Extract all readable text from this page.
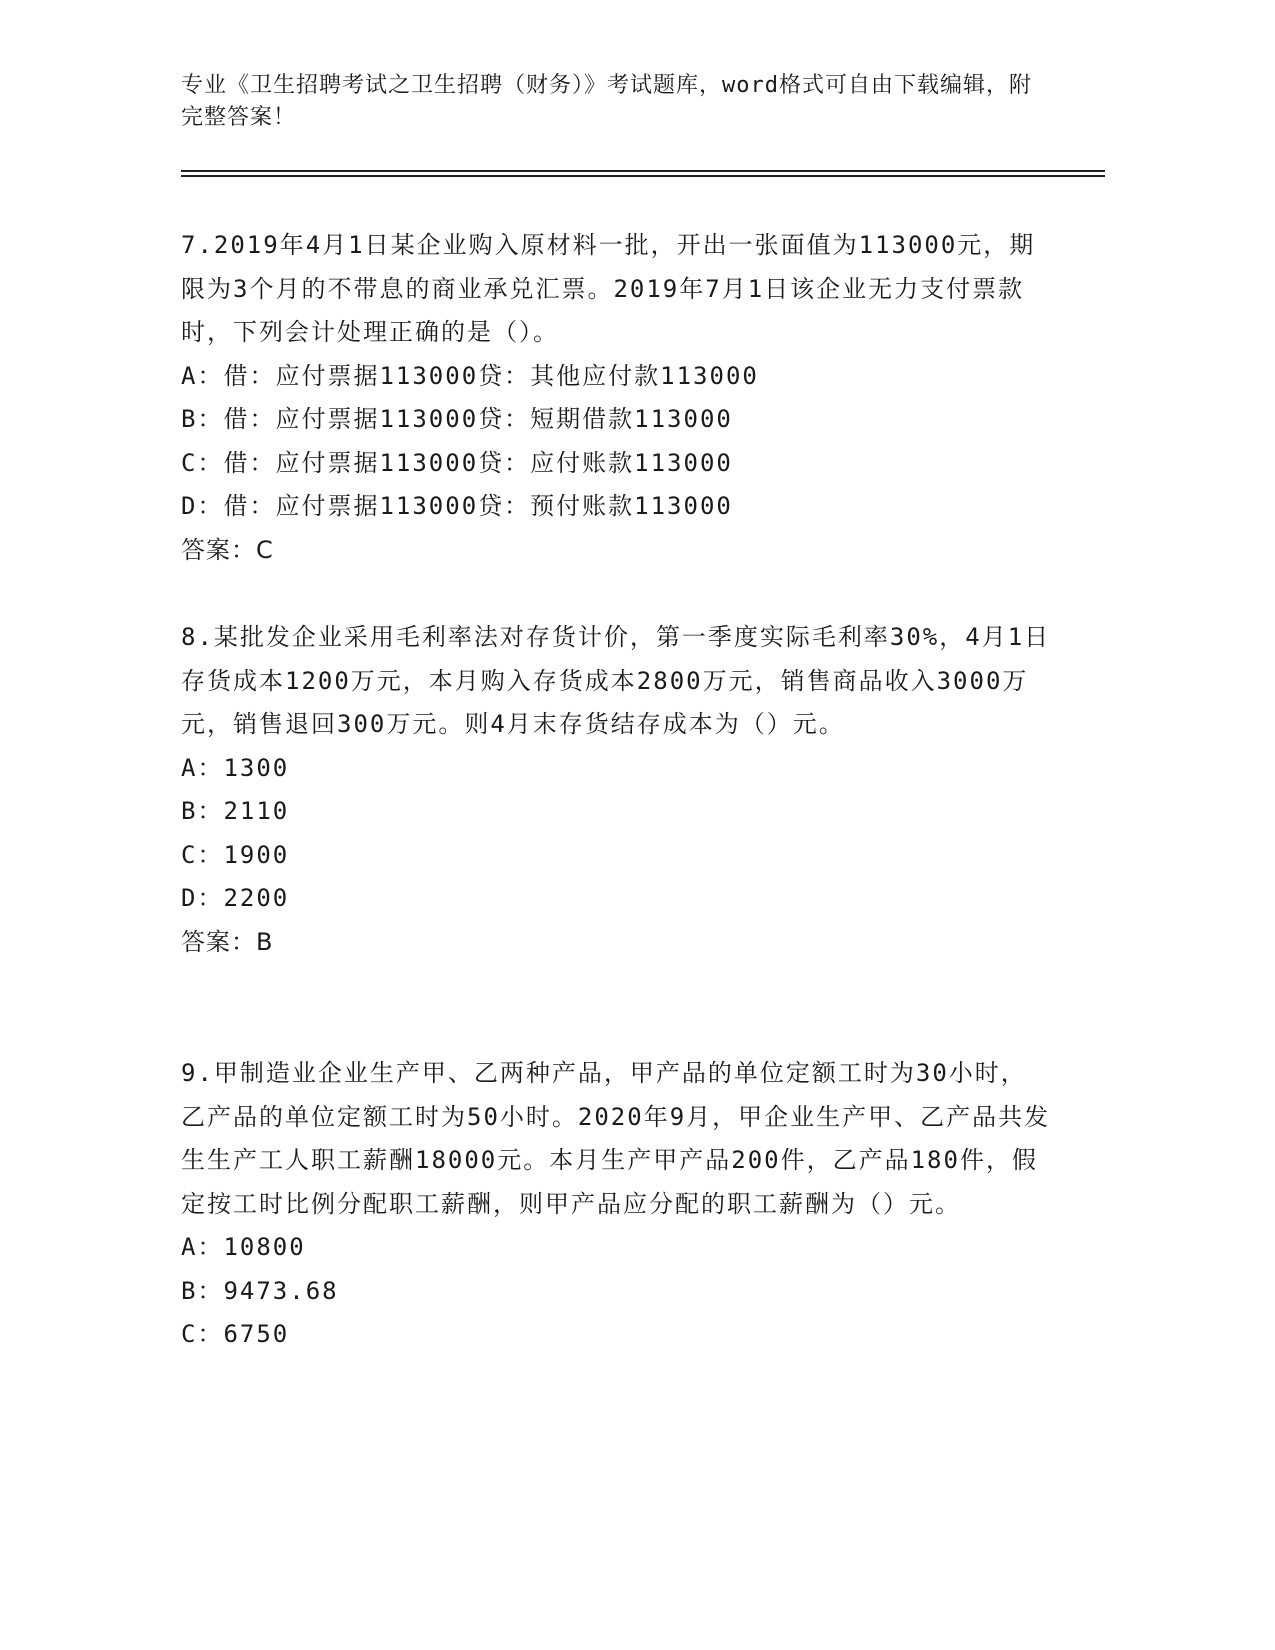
专业《卫生招聘考试之卫生招聘（财务）》考试题库，word格式可自由下载编辑，附完整答案！

7.2019年4月1日某企业购入原材料一批，开出一张面值为113000元，期限为3个月的不带息的商业承兑汇票。2019年7月1日该企业无力支付票款时，下列会计处理正确的是（）。

A：借：应付票据113000贷：其他应付款113000

B：借：应付票据113000贷：短期借款113000

C：借：应付票据113000贷：应付账款113000

D：借：应付票据113000贷：预付账款113000

答案：C

8.某批发企业采用毛利率法对存货计价，第一季度实际毛利率30%，4月1日存货成本1200万元，本月购入存货成本2800万元，销售商品收入3000万元，销售退回300万元。则4月末存货结存成本为（）元。

A：1300

B：2110

C：1900

D：2200

答案：B

9.甲制造业企业生产甲、乙两种产品，甲产品的单位定额工时为30小时，乙产品的单位定额工时为50小时。2020年9月，甲企业生产甲、乙产品共发生生产工人职工薪酬18000元。本月生产甲产品200件，乙产品180件，假定按工时比例分配职工薪酬，则甲产品应分配的职工薪酬为（）元。

A：10800

B：9473.68

C：6750
